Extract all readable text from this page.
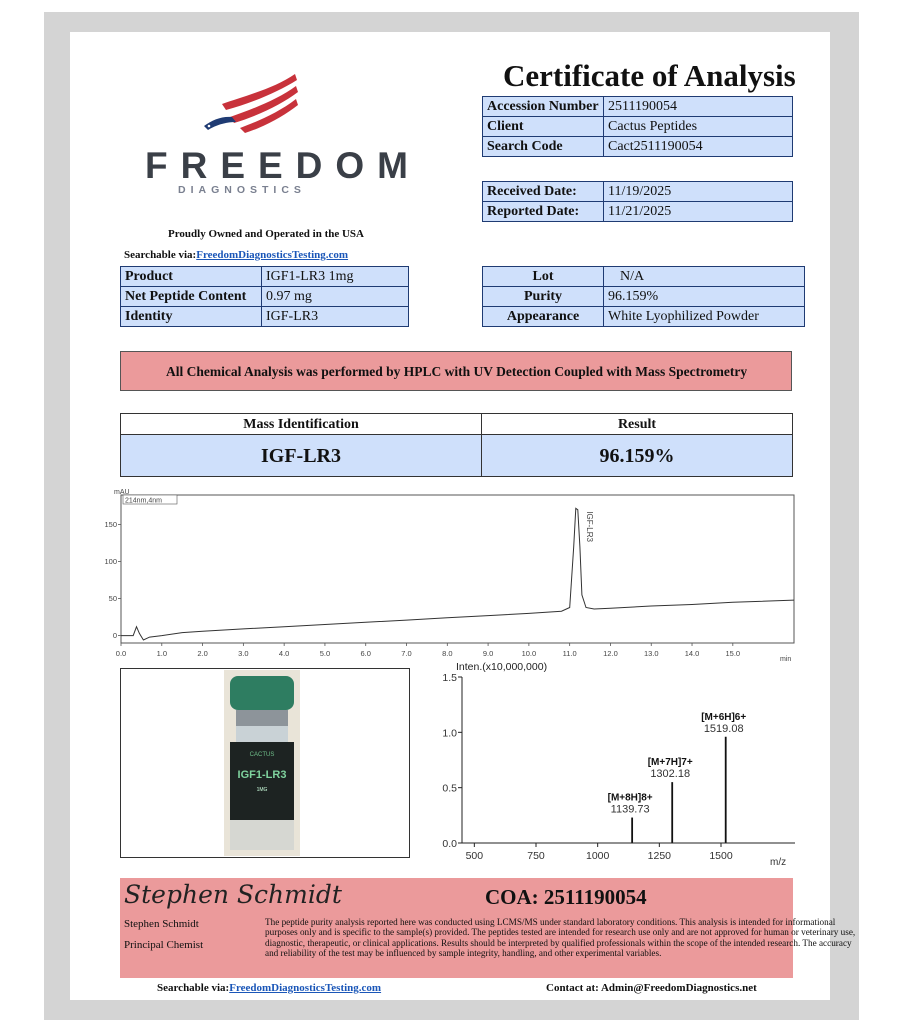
FREEDOM
DIAGNOSTICS
Certificate of Analysis
Accession Number	2511190054
Client	Cactus Peptides
Search Code	Cact2511190054
Received Date:	11/19/2025
Reported Date:	11/21/2025
Proudly Owned and Operated in the USA
Searchable via:FreedomDiagnosticsTesting.com
Product	IGF1-LR3 1mg
Net Peptide Content	0.97 mg
Identity	IGF-LR3
Lot	N/A
Purity	96.159%
Appearance	White Lyophilized Powder
All Chemical Analysis was performed by HPLC with UV Detection Coupled with Mass Spectrometry
Mass Identification	Result
IGF-LR3	96.159%
214nm,4nm
mAU
min
0.0	1.0	2.0	3.0	4.0	5.0	6.0	7.0	8.0	9.0	10.0	11.0	12.0	13.0	14.0	15.0
0
50
100
150	IGF-LR3
CACTUS
IGF1-LR3
1MG
Inten.(x10,000,000)
m/z
500	750	1000	1250	1500
0.0
0.5
1.0
1.5
[M+8H]8+
1139.73
[M+7H]7+
1302.18
[M+6H]6+
1519.08
Stephen Schmidt	COA: 2511190054
Stephen Schmidt
Principal Chemist
The peptide purity analysis reported here was conducted using LCMS/MS under standard laboratory conditions. This analysis is intended for informational purposes only and is specific to the sample(s) provided. The peptides tested are intended for research use only and are not approved for human or veterinary use, diagnostic, therapeutic, or clinical applications. Results should be interpreted by qualified professionals within the scope of the intended research. The accuracy and reliability of the test may be influenced by sample integrity, handling, and other experimental variables.
Searchable via:FreedomDiagnosticsTesting.com	Contact at: Admin@FreedomDiagnostics.net
